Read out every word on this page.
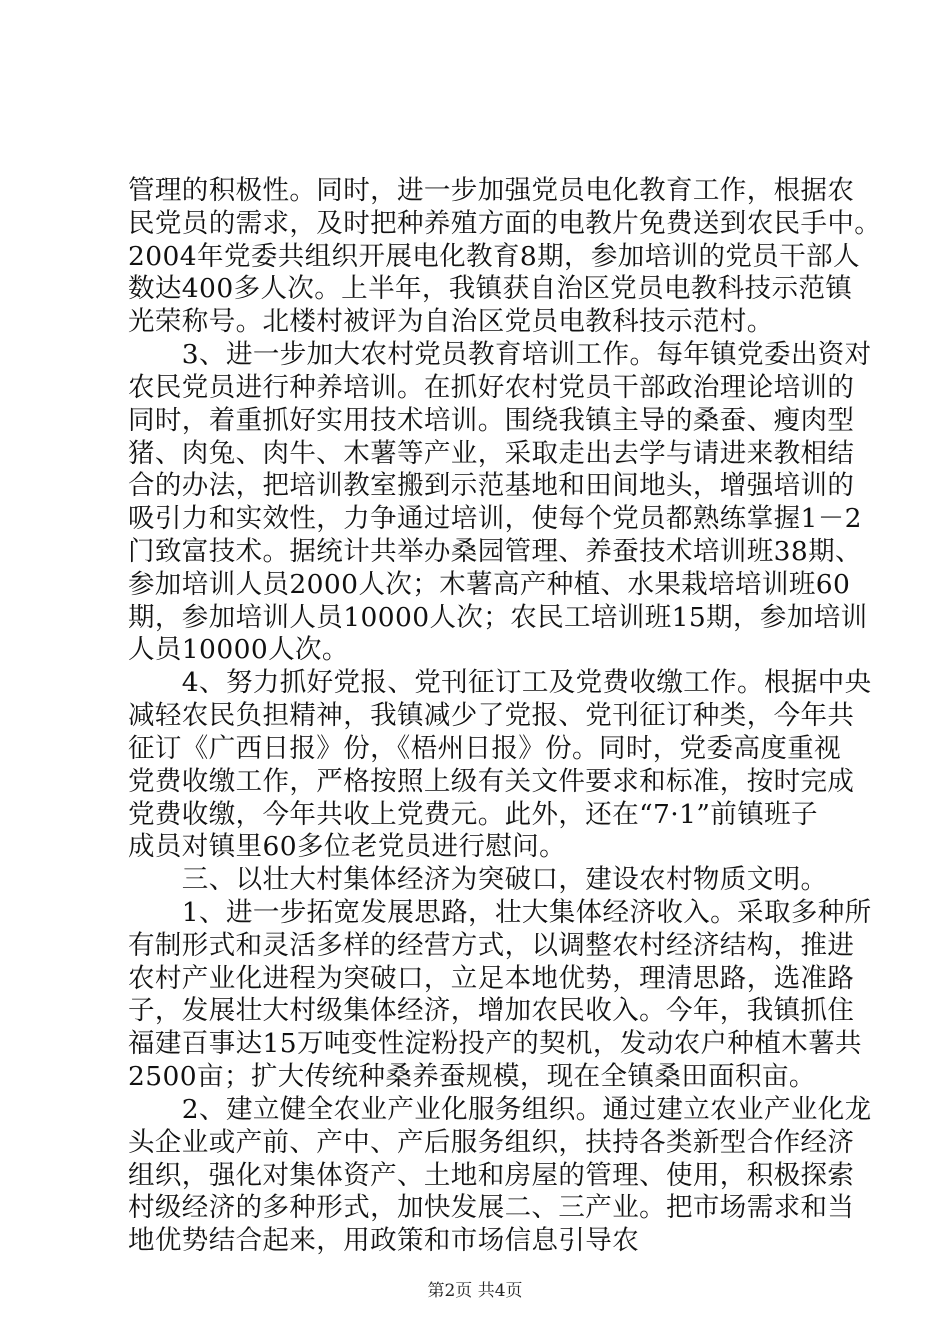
管理的积极性。同时，进一步加强党员电化教育工作，根据农
民党员的需求，及时把种养殖方面的电教片免费送到农民手中。
2004年党委共组织开展电化教育8期，参加培训的党员干部人
数达400多人次。上半年，我镇获自治区党员电教科技示范镇
光荣称号。北楼村被评为自治区党员电教科技示范村。
　　3、进一步加大农村党员教育培训工作。每年镇党委出资对
农民党员进行种养培训。在抓好农村党员干部政治理论培训的
同时，着重抓好实用技术培训。围绕我镇主导的桑蚕、瘦肉型
猪、肉兔、肉牛、木薯等产业，采取走出去学与请进来教相结
合的办法，把培训教室搬到示范基地和田间地头，增强培训的
吸引力和实效性，力争通过培训，使每个党员都熟练掌握1－2
门致富技术。据统计共举办桑园管理、养蚕技术培训班38期、
参加培训人员2000人次；木薯高产种植、水果栽培培训班60
期，参加培训人员10000人次；农民工培训班15期，参加培训
人员10000人次。
　　4、努力抓好党报、党刊征订工及党费收缴工作。根据中央
减轻农民负担精神，我镇减少了党报、党刊征订种类，今年共
征订《广西日报》份，《梧州日报》份。同时，党委高度重视
党费收缴工作，严格按照上级有关文件要求和标准，按时完成
党费收缴，今年共收上党费元。此外，还在“7·1”前镇班子
成员对镇里60多位老党员进行慰问。
　　三、以壮大村集体经济为突破口，建设农村物质文明。
　　1、进一步拓宽发展思路，壮大集体经济收入。采取多种所
有制形式和灵活多样的经营方式，以调整农村经济结构，推进
农村产业化进程为突破口，立足本地优势，理清思路，选准路
子，发展壮大村级集体经济，增加农民收入。今年，我镇抓住
福建百事达15万吨变性淀粉投产的契机，发动农户种植木薯共
2500亩；扩大传统种桑养蚕规模，现在全镇桑田面积亩。
　　2、建立健全农业产业化服务组织。通过建立农业产业化龙
头企业或产前、产中、产后服务组织，扶持各类新型合作经济
组织，强化对集体资产、土地和房屋的管理、使用，积极探索
村级经济的多种形式，加快发展二、三产业。把市场需求和当
地优势结合起来，用政策和市场信息引导农
第2页 共4页
